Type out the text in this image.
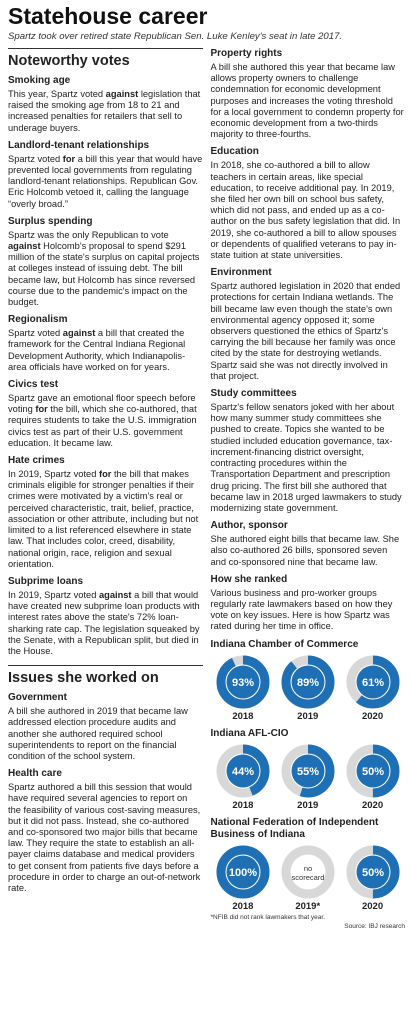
Statehouse career

Spartz took over retired state Republican Sen. Luke Kenley's seat in late 2017.

Noteworthy votes
Smoking age

This year, Spartz voted against legislation that raised the smoking age from 18 to 21 and increased penalties for retailers that sell to underage buyers.

Landlord-tenant relationships

Spartz voted for a bill this year that would have prevented local governments from regulating landlord-tenant relationships. Republican Gov. Eric Holcomb vetoed it, calling the language “overly broad.”

Surplus spending

Spartz was the only Republican to vote against Holcomb's proposal to spend $291 million of the state's surplus on capital projects at colleges instead of issuing debt. The bill became law, but Holcomb has since reversed course due to the pandemic's impact on the budget.

Regionalism

Spartz voted against a bill that created the framework for the Central Indiana Regional Development Authority, which Indianapolis-area officials have worked on for years.

Civics test

Spartz gave an emotional floor speech before voting for the bill, which she co-authored, that requires students to take the U.S. immigration civics test as part of their U.S. government education. It became law.

Hate crimes

In 2019, Spartz voted for the bill that makes criminals eligible for stronger penalties if their crimes were motivated by a victim's real or perceived characteristic, trait, belief, practice, association or other attribute, including but not limited to a list referenced elsewhere in state law. That includes color, creed, disability, national origin, race, religion and sexual orientation.

Subprime loans

In 2019, Spartz voted against a bill that would have created new subprime loan products with interest rates above the state's 72% loan-sharking rate cap. The legislation squeaked by the Senate, with a Republican split, but died in the House.

Issues she worked on
Government

A bill she authored in 2019 that became law addressed election procedure audits and another she authored required school superintendents to report on the financial condition of the school system.

Health care

Spartz authored a bill this session that would have required several agencies to report on the feasibility of various cost-saving measures, but it did not pass. Instead, she co-authored and co-sponsored two major bills that became law. They require the state to establish an all-payer claims database and medical providers to get consent from patients five days before a procedure in order to charge an out-of-network rate.

Property rights

A bill she authored this year that became law allows property owners to challenge condemnation for economic development purposes and increases the voting threshold for a local government to condemn property for economic development from a two-thirds majority to three-fourths.

Education

In 2018, she co-authored a bill to allow teachers in certain areas, like special education, to receive additional pay. In 2019, she filed her own bill on school bus safety, which did not pass, and ended up as a co-author on the bus safety legislation that did. In 2019, she co-authored a bill to allow spouses or dependents of qualified veterans to pay in-state tuition at state universities.

Environment

Spartz authored legislation in 2020 that ended protections for certain Indiana wetlands. The bill became law even though the state's own environmental agency opposed it; some observers questioned the ethics of Spartz's carrying the bill because her family was once cited by the state for destroying wetlands. Spartz said she was not directly involved in that project.

Study committees

Spartz's fellow senators joked with her about how many summer study committees she pushed to create. Topics she wanted to be studied included education governance, tax-increment-financing district oversight, contracting procedures within the Transportation Department and prescription drug pricing. The first bill she authored that became law in 2018 urged lawmakers to study modernizing state government.

Author, sponsor

She authored eight bills that became law. She also co-authored 26 bills, sponsored seven and co-sponsored nine that became law.

How she ranked

Various business and pro-worker groups regularly rate lawmakers based on how they vote on key issues. Here is how Spartz was rated during her time in office.

Indiana Chamber of Commerce
93%
2018
89%
2019
61%
2020
Indiana AFL-CIO
44%
2018
55%
2019
50%
2020
National Federation of Independent Business of Indiana
100%
2018
no scorecard
2019*
50%
2020
*NFIB did not rank lawmakers that year.
Source: IBJ research
